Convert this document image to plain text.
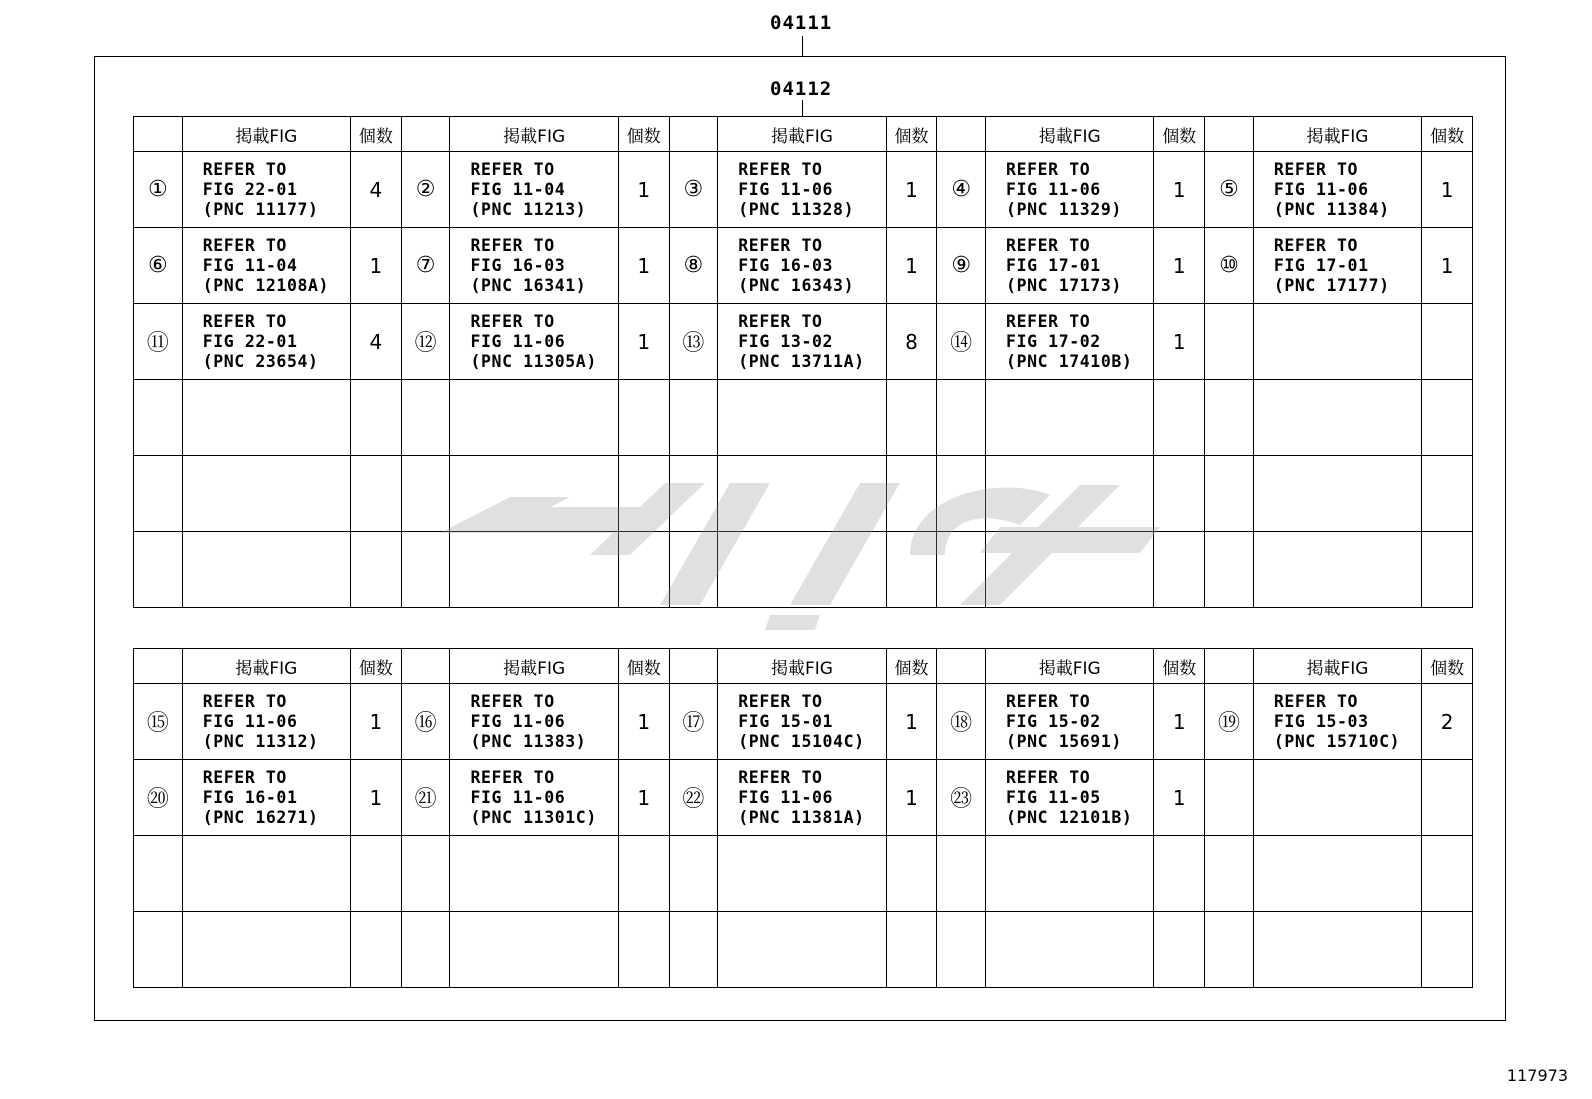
04111
04112
	掲載FIG	個数		掲載FIG	個数		掲載FIG	個数		掲載FIG	個数		掲載FIG	個数
①	REFER TO
FIG 22-01
(PNC 11177)	4	②	REFER TO
FIG 11-04
(PNC 11213)	1	③	REFER TO
FIG 11-06
(PNC 11328)	1	④	REFER TO
FIG 11-06
(PNC 11329)	1	⑤	REFER TO
FIG 11-06
(PNC 11384)	1
⑥	REFER TO
FIG 11-04
(PNC 12108A)	1	⑦	REFER TO
FIG 16-03
(PNC 16341)	1	⑧	REFER TO
FIG 16-03
(PNC 16343)	1	⑨	REFER TO
FIG 17-01
(PNC 17173)	1	⑩	REFER TO
FIG 17-01
(PNC 17177)	1
⑪	REFER TO
FIG 22-01
(PNC 23654)	4	⑫	REFER TO
FIG 11-06
(PNC 11305A)	1	⑬	REFER TO
FIG 13-02
(PNC 13711A)	8	⑭	REFER TO
FIG 17-02
(PNC 17410B)	1		

	掲載FIG	個数		掲載FIG	個数		掲載FIG	個数		掲載FIG	個数		掲載FIG	個数
⑮	REFER TO
FIG 11-06
(PNC 11312)	1	⑯	REFER TO
FIG 11-06
(PNC 11383)	1	⑰	REFER TO
FIG 15-01
(PNC 15104C)	1	⑱	REFER TO
FIG 15-02
(PNC 15691)	1	⑲	REFER TO
FIG 15-03
(PNC 15710C)	2
⑳	REFER TO
FIG 16-01
(PNC 16271)	1	㉑	REFER TO
FIG 11-06
(PNC 11301C)	1	㉒	REFER TO
FIG 11-06
(PNC 11381A)	1	㉓	REFER TO
FIG 11-05
(PNC 12101B)	1		

117973
